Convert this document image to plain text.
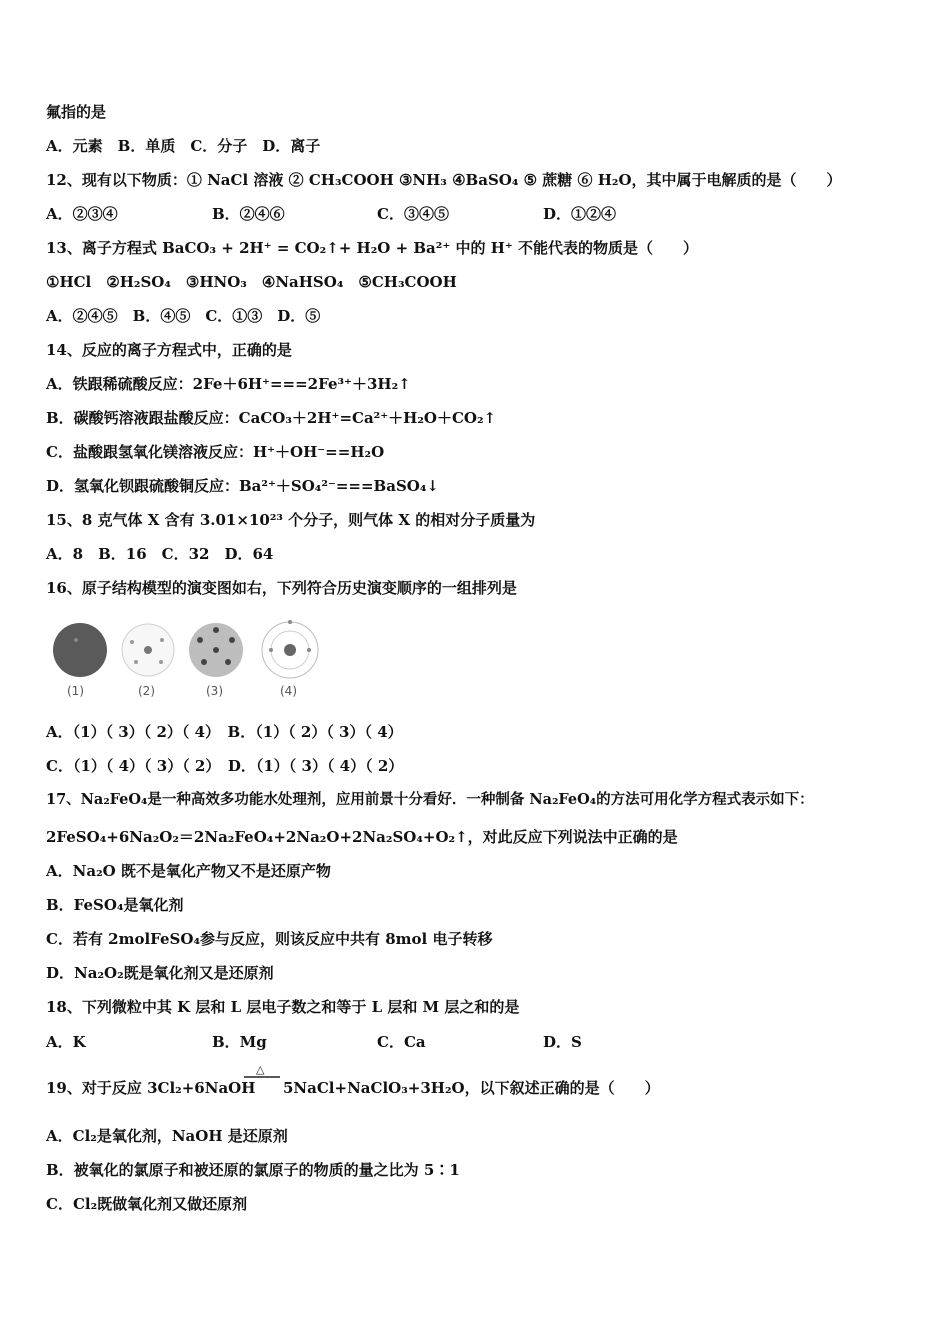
氟指的是
A．元素　B．单质　C．分子　D．离子
12、现有以下物质：① NaCl 溶液 ② CH₃COOH ③NH₃ ④BaSO₄ ⑤ 蔗糖 ⑥ H₂O，其中属于电解质的是（　　）
A．②③④	B．②④⑥	C．③④⑤	D．①②④
13、离子方程式 BaCO₃ + 2H⁺ = CO₂↑+ H₂O + Ba²⁺ 中的 H⁺ 不能代表的物质是（　　）
①HCl　②H₂SO₄　③HNO₃　④NaHSO₄　⑤CH₃COOH
A．②④⑤　B．④⑤　C．①③　D．⑤
14、反应的离子方程式中，正确的是
A．铁跟稀硫酸反应：2Fe＋6H⁺===2Fe³⁺＋3H₂↑
B．碳酸钙溶液跟盐酸反应：CaCO₃＋2H⁺=Ca²⁺＋H₂O＋CO₂↑
C．盐酸跟氢氧化镁溶液反应：H⁺＋OH⁻==H₂O
D．氢氧化钡跟硫酸铜反应：Ba²⁺＋SO₄²⁻===BaSO₄↓
15、8 克气体 X 含有 3.01×10²³ 个分子，则气体 X 的相对分子质量为
A．8　B．16　C．32　D．64
16、原子结构模型的演变图如右，下列符合历史演变顺序的一组排列是
(1)	(2)	(3)	(4)
A．（1）（ 3）（ 2）（ 4）　B．（1）（ 2）（ 3）（ 4）
C．（1）（ 4）（ 3）（ 2）　D．（1）（ 3）（ 4）（ 2）
17、Na₂FeO₄是一种高效多功能水处理剂，应用前景十分看好．一种制备 Na₂FeO₄的方法可用化学方程式表示如下：
2FeSO₄+6Na₂O₂＝2Na₂FeO₄+2Na₂O+2Na₂SO₄+O₂↑，对此反应下列说法中正确的是
A．Na₂O 既不是氧化产物又不是还原产物
B．FeSO₄是氧化剂
C．若有 2molFeSO₄参与反应，则该反应中共有 8mol 电子转移
D．Na₂O₂既是氧化剂又是还原剂
18、下列微粒中其 K 层和 L 层电子数之和等于 L 层和 M 层之和的是
A．K	B．Mg	C．Ca	D．S
19、对于反应 3Cl₂+6NaOH
△
5NaCl+NaClO₃+3H₂O，以下叙述正确的是（　　）
A．Cl₂是氧化剂，NaOH 是还原剂
B．被氧化的氯原子和被还原的氯原子的物质的量之比为 5∶1
C．Cl₂既做氧化剂又做还原剂
